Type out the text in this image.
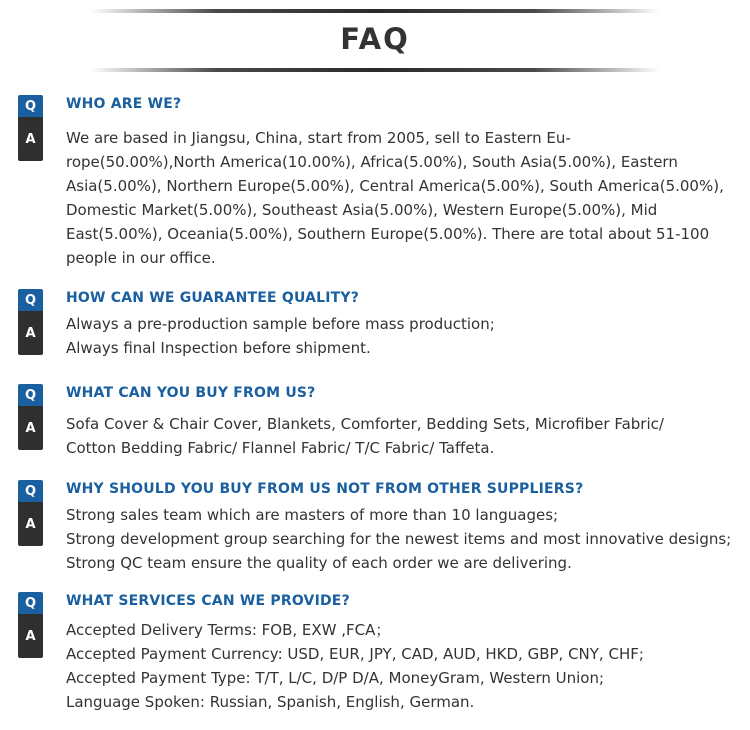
FAQ
Q
A
WHO ARE WE?

We are based in Jiangsu, China, start from 2005, sell to Eastern Eu-
rope(50.00%),North America(10.00%), Africa(5.00%), South Asia(5.00%), Eastern
Asia(5.00%), Northern Europe(5.00%), Central America(5.00%), South America(5.00%),
Domestic Market(5.00%), Southeast Asia(5.00%), Western Europe(5.00%), Mid
East(5.00%), Oceania(5.00%), Southern Europe(5.00%). There are total about 51-100
people in our office.

Q
A
HOW CAN WE GUARANTEE QUALITY?

Always a pre-production sample before mass production;
Always final Inspection before shipment.

Q
A
WHAT CAN YOU BUY FROM US?

Sofa Cover & Chair Cover, Blankets, Comforter, Bedding Sets, Microfiber Fabric/
Cotton Bedding Fabric/ Flannel Fabric/ T/C Fabric/ Taffeta.

Q
A
WHY SHOULD YOU BUY FROM US NOT FROM OTHER SUPPLIERS?

Strong sales team which are masters of more than 10 languages;
Strong development group searching for the newest items and most innovative designs;
Strong QC team ensure the quality of each order we are delivering.

Q
A
WHAT SERVICES CAN WE PROVIDE?

Accepted Delivery Terms: FOB, EXW ,FCA；
Accepted Payment Currency: USD, EUR, JPY, CAD, AUD, HKD, GBP, CNY, CHF;
Accepted Payment Type: T/T, L/C, D/P D/A, MoneyGram, Western Union;
Language Spoken: Russian, Spanish, English, German.
